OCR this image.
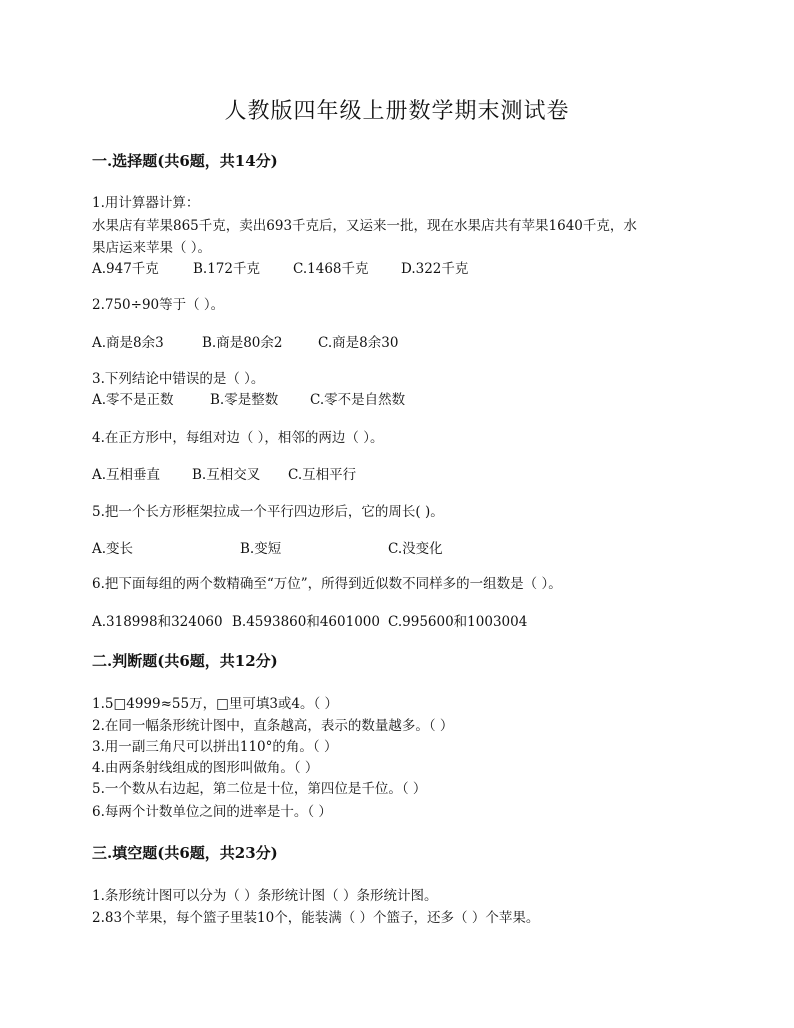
人教版四年级上册数学期末测试卷
一.选择题(共6题，共14分)
1.用计算器计算：
水果店有苹果865千克，卖出693千克后，又运来一批，现在水果店共有苹果1640千克，水
果店运来苹果（ ）。
A.947千克	B.172千克 C.1468千克 D.322千克
2.750÷90等于（ ）。
A.商是8余3	B.商是80余2	C.商是8余30
3.下列结论中错误的是（ ）。
A.零不是正数	B.零是整数 C.零不是自然数
4.在正方形中，每组对边（ ），相邻的两边（ ）。
A.互相垂直 B.互相交叉 C.互相平行
5.把一个长方形框架拉成一个平行四边形后，它的周长( )。
A.变长	B.变短	C.没变化
6.把下面每组的两个数精确至“万位”，所得到近似数不同样多的一组数是（ ）。
A.318998和324060 B.4593860和4601000 C.995600和1003004
二.判断题(共6题，共12分)
1.5□4999≈55万，□里可填3或4。（ ）
2.在同一幅条形统计图中，直条越高，表示的数量越多。（ ）
3.用一副三角尺可以拼出110°的角。（ ）
4.由两条射线组成的图形叫做角。（ ）
5.一个数从右边起，第二位是十位，第四位是千位。（ ）
6.每两个计数单位之间的进率是十。（ ）
三.填空题(共6题，共23分)
1.条形统计图可以分为（ ）条形统计图（ ）条形统计图。
2.83个苹果，每个篮子里装10个，能装满（ ）个篮子，还多（ ）个苹果。
